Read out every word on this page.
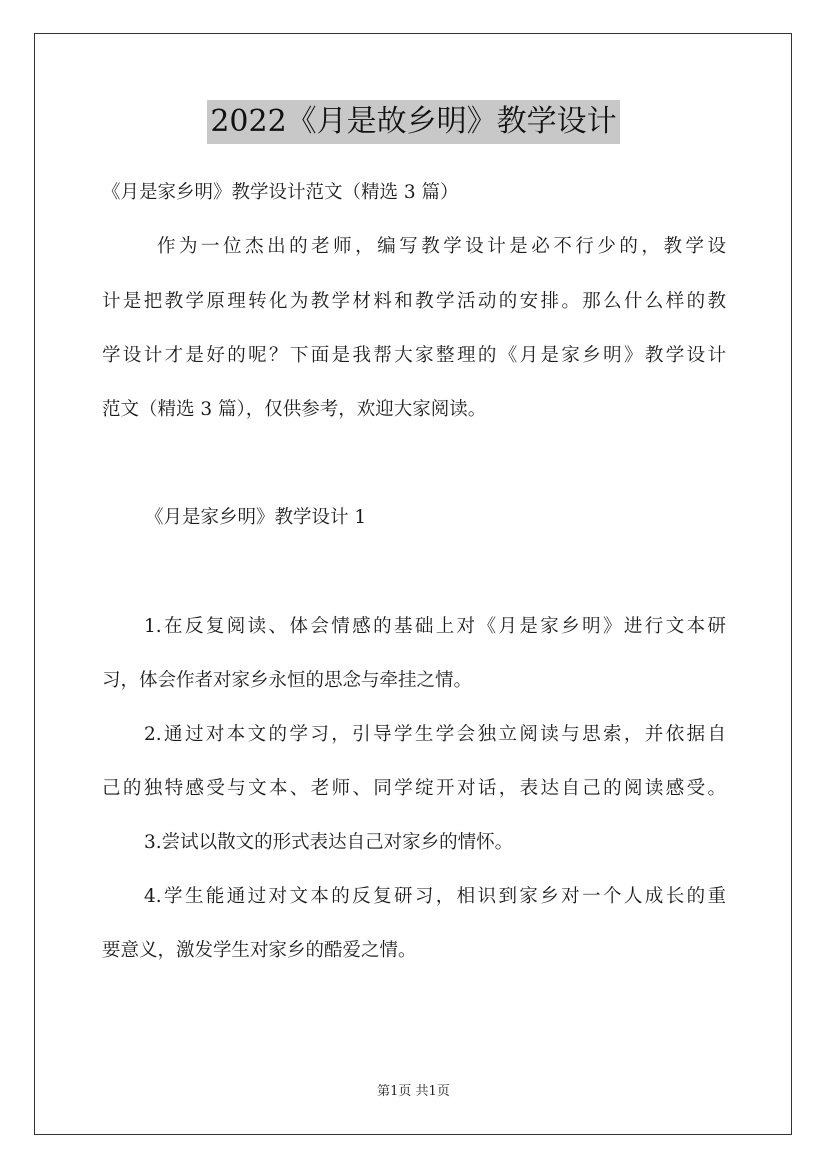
2022《月是故乡明》教学设计
《月是家乡明》教学设计范文（精选 3 篇）
作为一位杰出的老师，编写教学设计是必不行少的，教学设
计是把教学原理转化为教学材料和教学活动的安排。那么什么样的教
学设计才是好的呢？下面是我帮大家整理的《月是家乡明》教学设计
范文（精选 3 篇），仅供参考，欢迎大家阅读。
《月是家乡明》教学设计 1
1.在反复阅读、体会情感的基础上对《月是家乡明》进行文本研
习，体会作者对家乡永恒的思念与牵挂之情。
2.通过对本文的学习，引导学生学会独立阅读与思索，并依据自
己的独特感受与文本、老师、同学绽开对话，表达自己的阅读感受。
3.尝试以散文的形式表达自己对家乡的情怀。
4.学生能通过对文本的反复研习，相识到家乡对一个人成长的重
要意义，激发学生对家乡的酷爱之情。
第1页 共1页
